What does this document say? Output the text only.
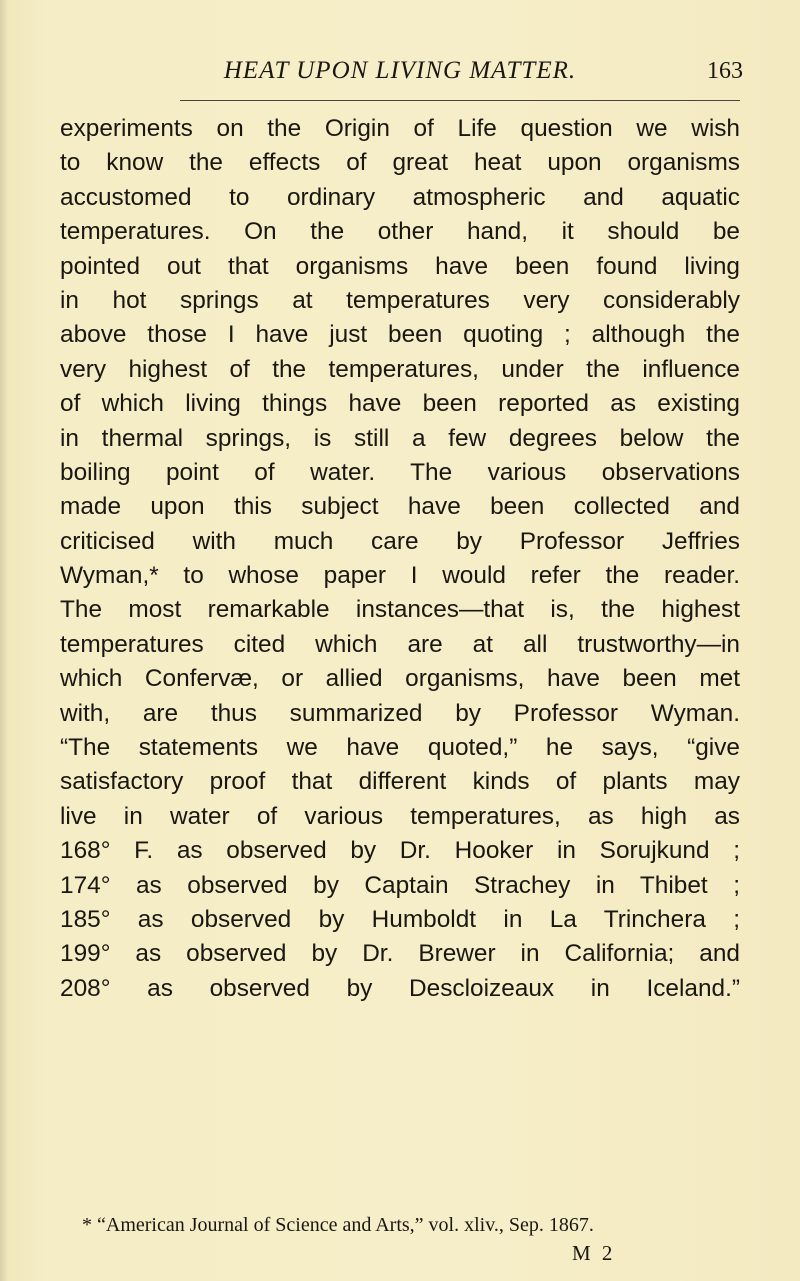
HEAT UPON LIVING MATTER.	163
experiments on the Origin of Life question we wish
to know the effects of great heat upon organisms
accustomed to ordinary atmospheric and aquatic
temperatures. On the other hand, it should be
pointed out that organisms have been found living
in hot springs at temperatures very considerably
above those I have just been quoting ; although the
very highest of the temperatures, under the influence
of which living things have been reported as existing
in thermal springs, is still a few degrees below the
boiling point of water. The various observations
made upon this subject have been collected and
criticised with much care by Professor Jeffries
Wyman,* to whose paper I would refer the reader.
The most remarkable instances—that is, the highest
temperatures cited which are at all trustworthy—in
which Confervæ, or allied organisms, have been met
with, are thus summarized by Professor Wyman.
“The statements we have quoted,” he says, “give
satisfactory proof that different kinds of plants may
live in water of various temperatures, as high as
168° F. as observed by Dr. Hooker in Sorujkund ;
174° as observed by Captain Strachey in Thibet ;
185° as observed by Humboldt in La Trinchera ;
199° as observed by Dr. Brewer in California; and
208° as observed by Descloizeaux in Iceland.”
* “American Journal of Science and Arts,” vol. xliv., Sep. 1867.
M 2
